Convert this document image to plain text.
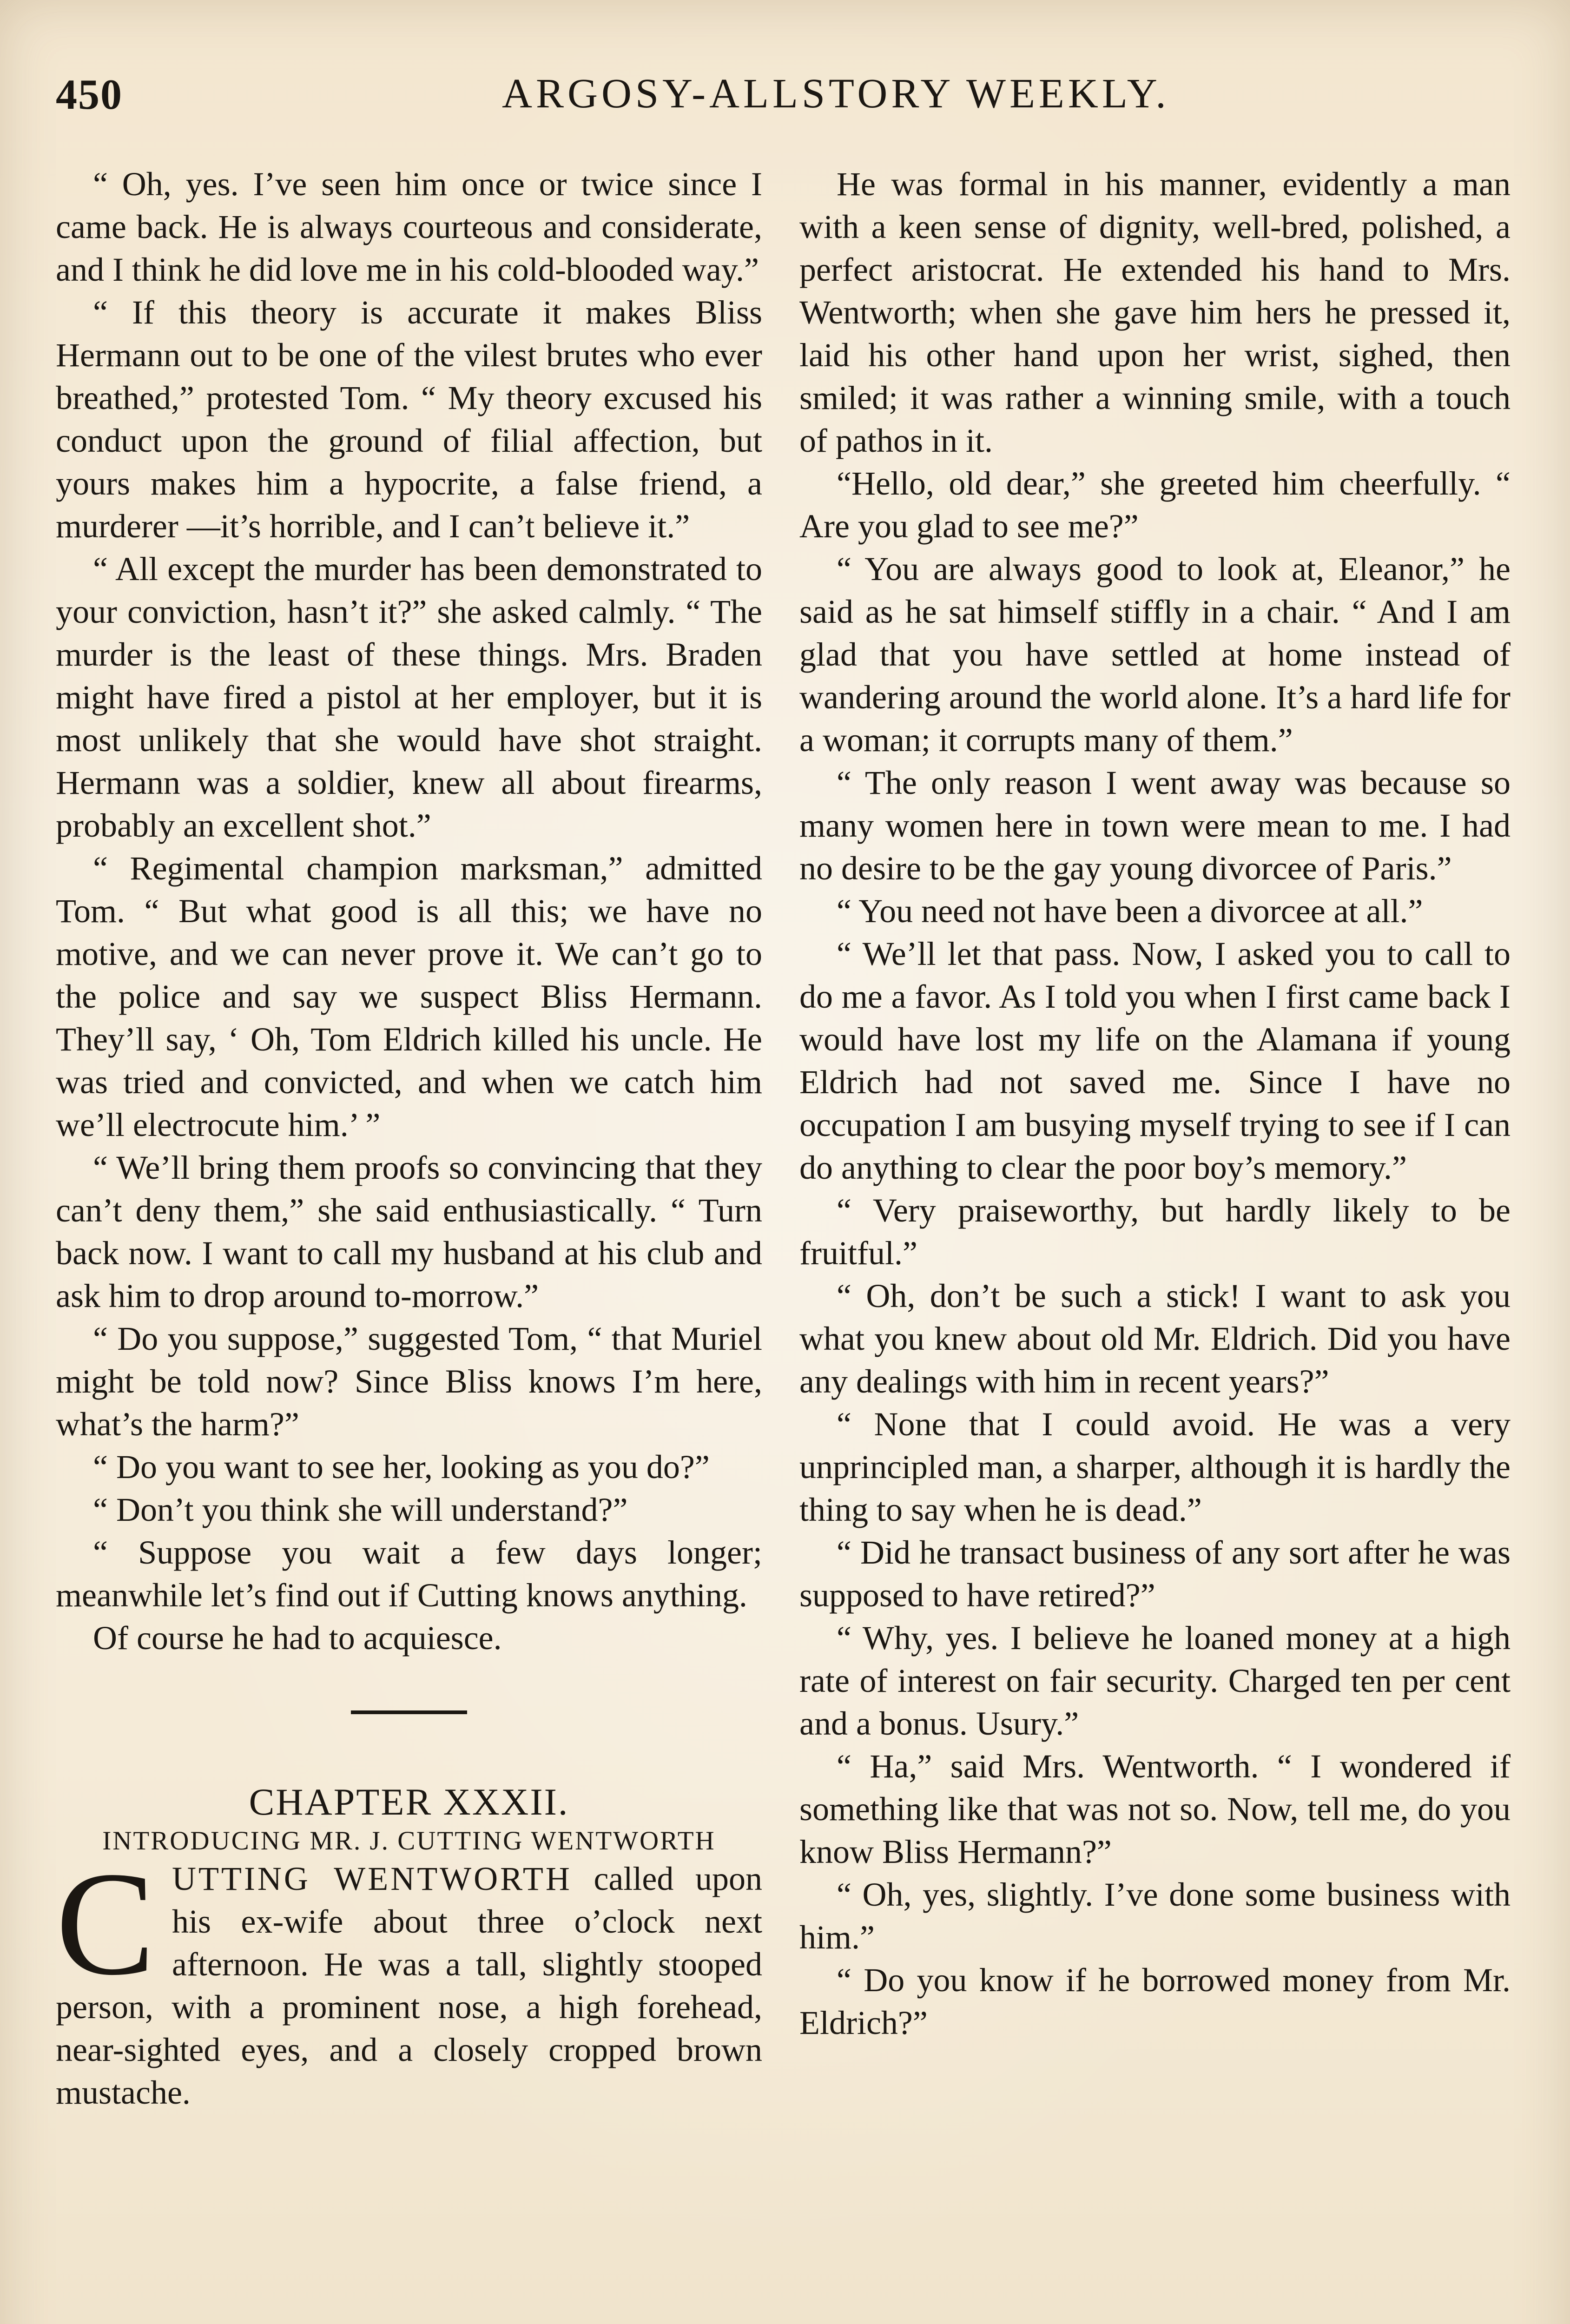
450	ARGOSY-ALLSTORY WEEKLY.

“ Oh, yes. I’ve seen him once or twice since I came back. He is always courteous and considerate, and I think he did love me in his cold-blooded way.”

“ If this theory is accurate it makes Bliss Hermann out to be one of the vilest brutes who ever breathed,” protested Tom. “ My theory excused his conduct upon the ground of filial affection, but yours makes him a hypocrite, a false friend, a murderer —it’s horrible, and I can’t believe it.”

“ All except the murder has been demonstrated to your conviction, hasn’t it?” she asked calmly. “ The murder is the least of these things. Mrs. Braden might have fired a pistol at her employer, but it is most unlikely that she would have shot straight. Hermann was a soldier, knew all about firearms, probably an excellent shot.”

“ Regimental champion marksman,” admitted Tom. “ But what good is all this; we have no motive, and we can never prove it. We can’t go to the police and say we suspect Bliss Hermann. They’ll say, ‘ Oh, Tom Eldrich killed his uncle. He was tried and convicted, and when we catch him we’ll electrocute him.’ ”

“ We’ll bring them proofs so convincing that they can’t deny them,” she said enthusiastically. “ Turn back now. I want to call my husband at his club and ask him to drop around to-morrow.”

“ Do you suppose,” suggested Tom, “ that Muriel might be told now? Since Bliss knows I’m here, what’s the harm?”

“ Do you want to see her, looking as you do?”

“ Don’t you think she will understand?”

“ Suppose you wait a few days longer; meanwhile let’s find out if Cutting knows anything.

Of course he had to acquiesce.

CHAPTER XXXII.

INTRODUCING MR. J. CUTTING WENTWORTH

CUTTING WENTWORTH called upon his ex-wife about three o’clock next afternoon. He was a tall, slightly stooped person, with a prominent nose, a high forehead, near-sighted eyes, and a closely cropped brown mustache.

He was formal in his manner, evidently a man with a keen sense of dignity, well-bred, polished, a perfect aristocrat. He extended his hand to Mrs. Wentworth; when she gave him hers he pressed it, laid his other hand upon her wrist, sighed, then smiled; it was rather a winning smile, with a touch of pathos in it.

“Hello, old dear,” she greeted him cheerfully. “ Are you glad to see me?”

“ You are always good to look at, Eleanor,” he said as he sat himself stiffly in a chair. “ And I am glad that you have settled at home instead of wandering around the world alone. It’s a hard life for a woman; it corrupts many of them.”

“ The only reason I went away was because so many women here in town were mean to me. I had no desire to be the gay young divorcee of Paris.”

“ You need not have been a divorcee at all.”

“ We’ll let that pass. Now, I asked you to call to do me a favor. As I told you when I first came back I would have lost my life on the Alamana if young Eldrich had not saved me. Since I have no occupation I am busying myself trying to see if I can do anything to clear the poor boy’s memory.”

“ Very praiseworthy, but hardly likely to be fruitful.”

“ Oh, don’t be such a stick! I want to ask you what you knew about old Mr. Eldrich. Did you have any dealings with him in recent years?”

“ None that I could avoid. He was a very unprincipled man, a sharper, although it is hardly the thing to say when he is dead.”

“ Did he transact business of any sort after he was supposed to have retired?”

“ Why, yes. I believe he loaned money at a high rate of interest on fair security. Charged ten per cent and a bonus. Usury.”

“ Ha,” said Mrs. Wentworth. “ I wondered if something like that was not so. Now, tell me, do you know Bliss Hermann?”

“ Oh, yes, slightly. I’ve done some business with him.”

“ Do you know if he borrowed money from Mr. Eldrich?”
